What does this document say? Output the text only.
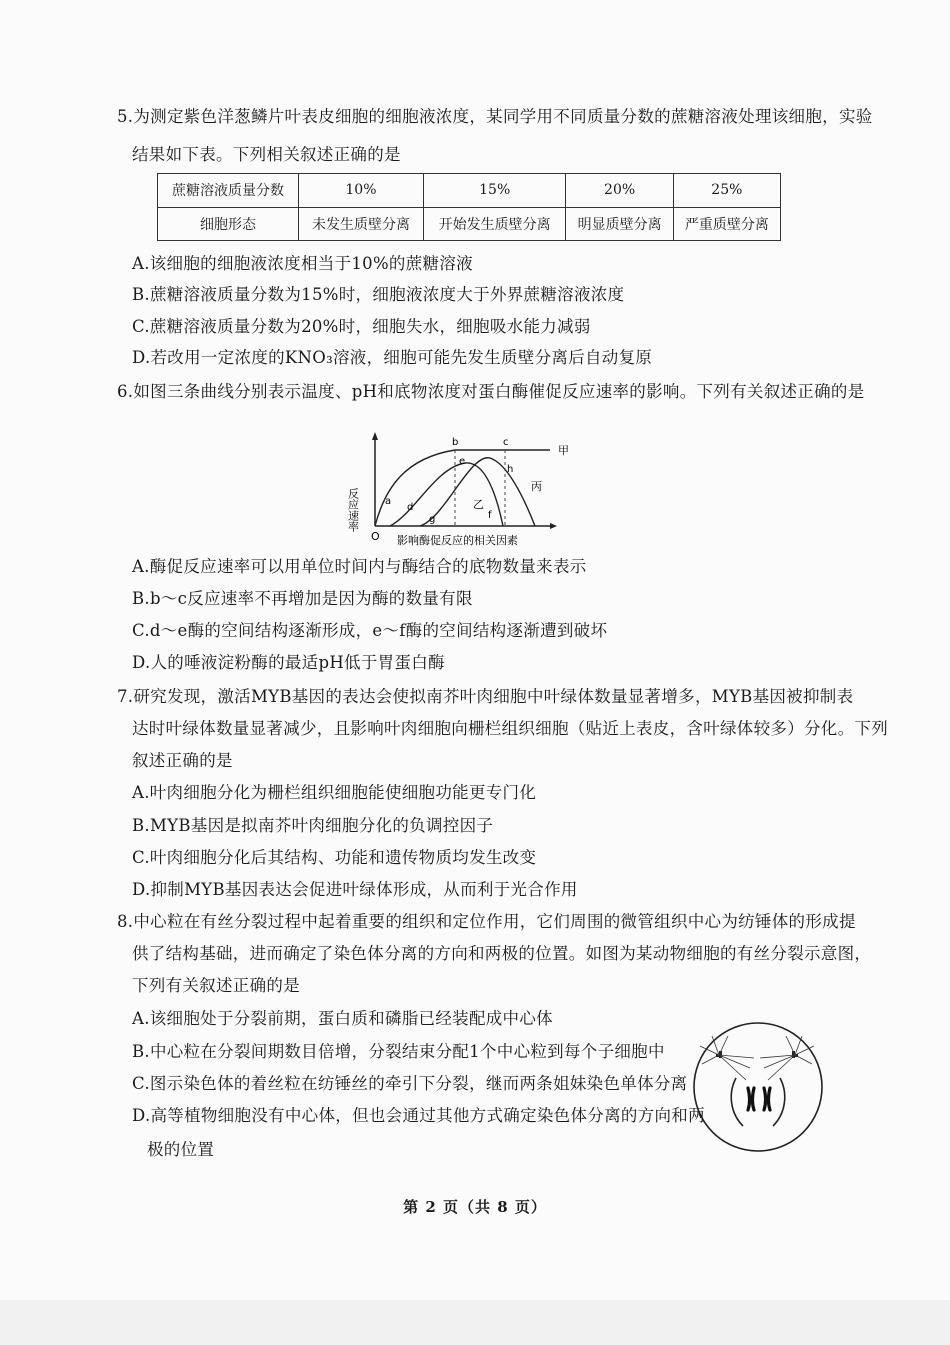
5.为测定紫色洋葱鳞片叶表皮细胞的细胞液浓度，某同学用不同质量分数的蔗糖溶液处理该细胞，实验
结果如下表。下列相关叙述正确的是
蔗糖溶液质量分数	10%	15%	20%	25%
细胞形态	未发生质壁分离	开始发生质壁分离	明显质壁分离	严重质壁分离
A.该细胞的细胞液浓度相当于10%的蔗糖溶液
B.蔗糖溶液质量分数为15%时，细胞液浓度大于外界蔗糖溶液浓度
C.蔗糖溶液质量分数为20%时，细胞失水，细胞吸水能力减弱
D.若改用一定浓度的KNO₃溶液，细胞可能先发生质壁分离后自动复原
6.如图三条曲线分别表示温度、pH和底物浓度对蛋白酶催促反应速率的影响。下列有关叙述正确的是
反应速率
O 影响酶促反应的相关因素
a
b	c
d
e
f
g
h
甲
乙
丙
A.酶促反应速率可以用单位时间内与酶结合的底物数量来表示
B.b～c反应速率不再增加是因为酶的数量有限
C.d～e酶的空间结构逐渐形成，e～f酶的空间结构逐渐遭到破坏
D.人的唾液淀粉酶的最适pH低于胃蛋白酶
7.研究发现，激活MYB基因的表达会使拟南芥叶肉细胞中叶绿体数量显著增多，MYB基因被抑制表
达时叶绿体数量显著减少，且影响叶肉细胞向栅栏组织细胞（贴近上表皮，含叶绿体较多）分化。下列
叙述正确的是
A.叶肉细胞分化为栅栏组织细胞能使细胞功能更专门化
B.MYB基因是拟南芥叶肉细胞分化的负调控因子
C.叶肉细胞分化后其结构、功能和遗传物质均发生改变
D.抑制MYB基因表达会促进叶绿体形成，从而利于光合作用
8.中心粒在有丝分裂过程中起着重要的组织和定位作用，它们周围的微管组织中心为纺锤体的形成提
供了结构基础，进而确定了染色体分离的方向和两极的位置。如图为某动物细胞的有丝分裂示意图，
下列有关叙述正确的是
A.该细胞处于分裂前期，蛋白质和磷脂已经装配成中心体
B.中心粒在分裂间期数目倍增，分裂结束分配1个中心粒到每个子细胞中
C.图示染色体的着丝粒在纺锤丝的牵引下分裂，继而两条姐妹染色单体分离
D.高等植物细胞没有中心体，但也会通过其他方式确定染色体分离的方向和两
极的位置
第 2 页（共 8 页）
